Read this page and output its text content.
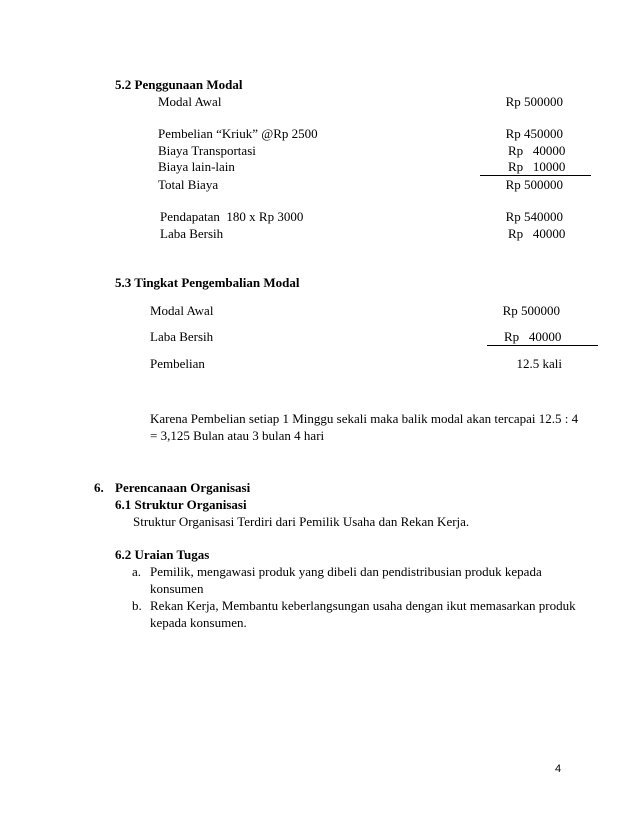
5.2 Penggunaan Modal
Modal Awal	Rp 500000
Pembelian “Kriuk” @Rp 2500	Rp 450000
Biaya Transportasi	Rp   40000
Biaya lain-lain	Rp   10000
Total Biaya	Rp 500000
Pendapatan  180 x Rp 3000	Rp 540000
Laba Bersih	Rp   40000
5.3 Tingkat Pengembalian Modal
Modal Awal	Rp 500000
Laba Bersih	Rp   40000
Pembelian	12.5 kali
Karena Pembelian setiap 1 Minggu sekali maka balik modal akan tercapai 12.5 : 4
= 3,125 Bulan atau 3 bulan 4 hari
6. Perencanaan Organisasi
6.1 Struktur Organisasi
Struktur Organisasi Terdiri dari Pemilik Usaha dan Rekan Kerja.
6.2 Uraian Tugas
a. Pemilik, mengawasi produk yang dibeli dan pendistribusian produk kepada
konsumen
b. Rekan Kerja, Membantu keberlangsungan usaha dengan ikut memasarkan produk
kepada konsumen.
4
